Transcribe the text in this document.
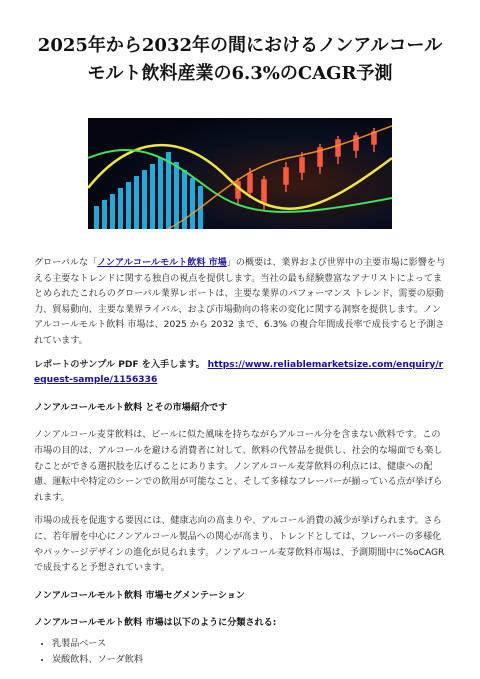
2025年から2032年の間におけるノンアルコール
モルト飲料産業の6.3%のCAGR予測

グローバルな「ノンアルコールモルト飲料 市場」の概要は、業界および世界中の主要市場に影響を与える主要なトレンドに関する独自の視点を提供します。当社の最も経験豊富なアナリストによってまとめられたこれらのグローバル業界レポートは、主要な業界のパフォーマンス トレンド、需要の原動力、貿易動向、主要な業界ライバル、および市場動向の将来の変化に関する洞察を提供します。ノンアルコールモルト飲料 市場は、2025 から 2032 まで、6.3% の複合年間成長率で成長すると予測されています。

レポートのサンプル PDF を入手します。 https://www.reliablemarketsize.com/enquiry/request-sample/1156336

ノンアルコールモルト飲料 とその市場紹介です

ノンアルコール麦芽飲料は、ビールに似た風味を持ちながらアルコール分を含まない飲料です。この市場の目的は、アルコールを避ける消費者に対して、飲料の代替品を提供し、社会的な場面でも楽しむことができる選択肢を広げることにあります。ノンアルコール麦芽飲料の利点には、健康への配慮、運転中や特定のシーンでの飲用が可能なこと、そして多様なフレーバーが揃っている点が挙げられます。

市場の成長を促進する要因には、健康志向の高まりや、アルコール消費の減少が挙げられます。さらに、若年層を中心にノンアルコール製品への関心が高まり、トレンドとしては、フレーバーの多様化やパッケージデザインの進化が見られます。ノンアルコール麦芽飲料市場は、予測期間中に%oCAGRで成長すると予想されています。

ノンアルコールモルト飲料 市場セグメンテーション

ノンアルコールモルト飲料 市場は以下のように分類される:

• 乳製品ベース
• 炭酸飲料、ソーダ飲料
